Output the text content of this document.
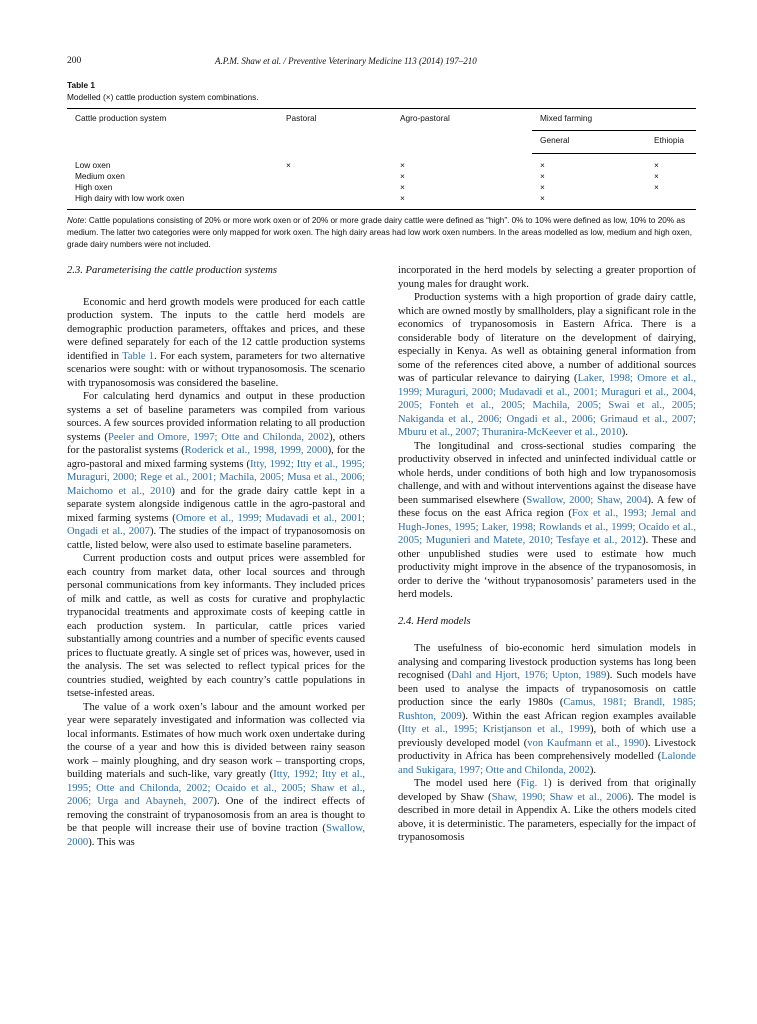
200	A.P.M. Shaw et al. / Preventive Veterinary Medicine 113 (2014) 197–210
Table 1
Modelled (×) cattle production system combinations.
Cattle production system	Pastoral	Agro-pastoral	Mixed farming	
			General	Ethiopia
Low oxen	×	×	×	×
Medium oxen		×	×	×
High oxen		×	×	×
High dairy with low work oxen		×	×	
Note: Cattle populations consisting of 20% or more work oxen or of 20% or more grade dairy cattle were defined as “high”. 0% to 10% were defined as low, 10% to 20% as medium. The latter two categories were only mapped for work oxen. The high dairy areas had low work oxen numbers. In the areas modelled as low, medium and high oxen, grade dairy numbers were not included.

2.3. Parameterising the cattle production systems

Economic and herd growth models were produced for each cattle production system. The inputs to the cattle herd models are demographic production parameters, offtakes and prices, and these were defined separately for each of the 12 cattle production systems identified in Table 1. For each system, parameters for two alternative scenarios were sought: with or without trypanosomosis. The scenario with trypanosomosis was considered the baseline.

For calculating herd dynamics and output in these production systems a set of baseline parameters was compiled from various sources. A few sources provided information relating to all production systems (Peeler and Omore, 1997; Otte and Chilonda, 2002), others for the pastoralist systems (Roderick et al., 1998, 1999, 2000), for the agro-pastoral and mixed farming systems (Itty, 1992; Itty et al., 1995; Muraguri, 2000; Rege et al., 2001; Machila, 2005; Musa et al., 2006; Maichomo et al., 2010) and for the grade dairy cattle kept in a separate system alongside indigenous cattle in the agro-pastoral and mixed farming systems (Omore et al., 1999; Mudavadi et al., 2001; Ongadi et al., 2007). The studies of the impact of trypanosomosis on cattle, listed below, were also used to estimate baseline parameters.

Current production costs and output prices were assembled for each country from market data, other local sources and through personal communications from key informants. They included prices of milk and cattle, as well as costs for curative and prophylactic trypanocidal treatments and approximate costs of keeping cattle in each production system. In particular, cattle prices varied substantially among countries and a number of specific events caused prices to fluctuate greatly. A single set of prices was, however, used in the analysis. The set was selected to reflect typical prices for the countries studied, weighted by each country’s cattle populations in tsetse-infested areas.

The value of a work oxen’s labour and the amount worked per year were separately investigated and information was collected via local informants. Estimates of how much work oxen undertake during the course of a year and how this is divided between rainy season work – mainly ploughing, and dry season work – transporting crops, building materials and such-like, vary greatly (Itty, 1992; Itty et al., 1995; Otte and Chilonda, 2002; Ocaido et al., 2005; Shaw et al., 2006; Urga and Abayneh, 2007). One of the indirect effects of removing the constraint of trypanosomosis from an area is thought to be that people will increase their use of bovine traction (Swallow, 2000). This was

incorporated in the herd models by selecting a greater proportion of young males for draught work.

Production systems with a high proportion of grade dairy cattle, which are owned mostly by smallholders, play a significant role in the economics of trypanosomosis in Eastern Africa. There is a considerable body of literature on the development of dairying, especially in Kenya. As well as obtaining general information from some of the references cited above, a number of additional sources was of particular relevance to dairying (Laker, 1998; Omore et al., 1999; Muraguri, 2000; Mudavadi et al., 2001; Muraguri et al., 2004, 2005; Fonteh et al., 2005; Machila, 2005; Swai et al., 2005; Nakiganda et al., 2006; Ongadi et al., 2006; Grimaud et al., 2007; Mburu et al., 2007; Thuranira-McKeever et al., 2010).

The longitudinal and cross-sectional studies comparing the productivity observed in infected and uninfected individual cattle or whole herds, under conditions of both high and low trypanosomosis challenge, and with and without interventions against the disease have been summarised elsewhere (Swallow, 2000; Shaw, 2004). A few of these focus on the east Africa region (Fox et al., 1993; Jemal and Hugh-Jones, 1995; Laker, 1998; Rowlands et al., 1999; Ocaido et al., 2005; Mugunieri and Matete, 2010; Tesfaye et al., 2012). These and other unpublished studies were used to estimate how much productivity might improve in the absence of the trypanosomosis, in order to derive the ‘without trypanosomosis’ parameters used in the herd models.

2.4. Herd models

The usefulness of bio-economic herd simulation models in analysing and comparing livestock production systems has long been recognised (Dahl and Hjort, 1976; Upton, 1989). Such models have been used to analyse the impacts of trypanosomosis on cattle production since the early 1980s (Camus, 1981; Brandl, 1985; Rushton, 2009). Within the east African region examples available (Itty et al., 1995; Kristjanson et al., 1999), both of which use a previously developed model (von Kaufmann et al., 1990). Livestock productivity in Africa has been comprehensively modelled (Lalonde and Sukigara, 1997; Otte and Chilonda, 2002).

The model used here (Fig. 1) is derived from that originally developed by Shaw (Shaw, 1990; Shaw et al., 2006). The model is described in more detail in Appendix A. Like the others models cited above, it is deterministic. The parameters, especially for the impact of trypanosomosis
